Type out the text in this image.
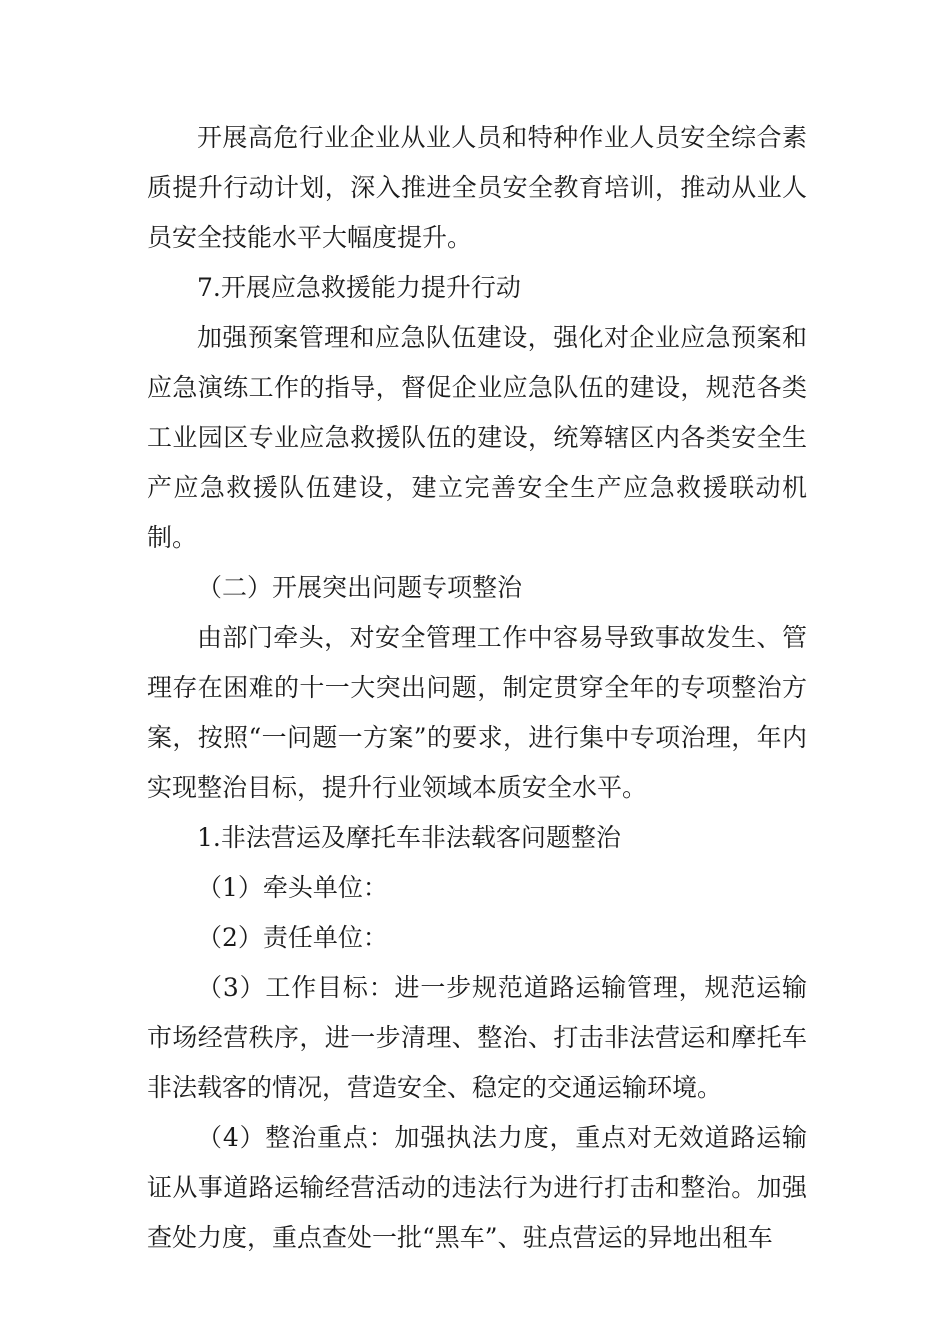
开展高危行业企业从业人员和特种作业人员安全综合素质提升行动计划，深入推进全员安全教育培训，推动从业人员安全技能水平大幅度提升。

7.开展应急救援能力提升行动

加强预案管理和应急队伍建设，强化对企业应急预案和应急演练工作的指导，督促企业应急队伍的建设，规范各类工业园区专业应急救援队伍的建设，统筹辖区内各类安全生产应急救援队伍建设，建立完善安全生产应急救援联动机制。

（二）开展突出问题专项整治

由部门牵头，对安全管理工作中容易导致事故发生、管理存在困难的十一大突出问题，制定贯穿全年的专项整治方案，按照“一问题一方案”的要求，进行集中专项治理，年内实现整治目标，提升行业领域本质安全水平。

1.非法营运及摩托车非法载客问题整治

（1）牵头单位：

（2）责任单位：

（3）工作目标：进一步规范道路运输管理，规范运输市场经营秩序，进一步清理、整治、打击非法营运和摩托车非法载客的情况，营造安全、稳定的交通运输环境。

（4）整治重点：加强执法力度，重点对无效道路运输证从事道路运输经营活动的违法行为进行打击和整治。加强查处力度，重点查处一批“黑车”、驻点营运的异地出租车
